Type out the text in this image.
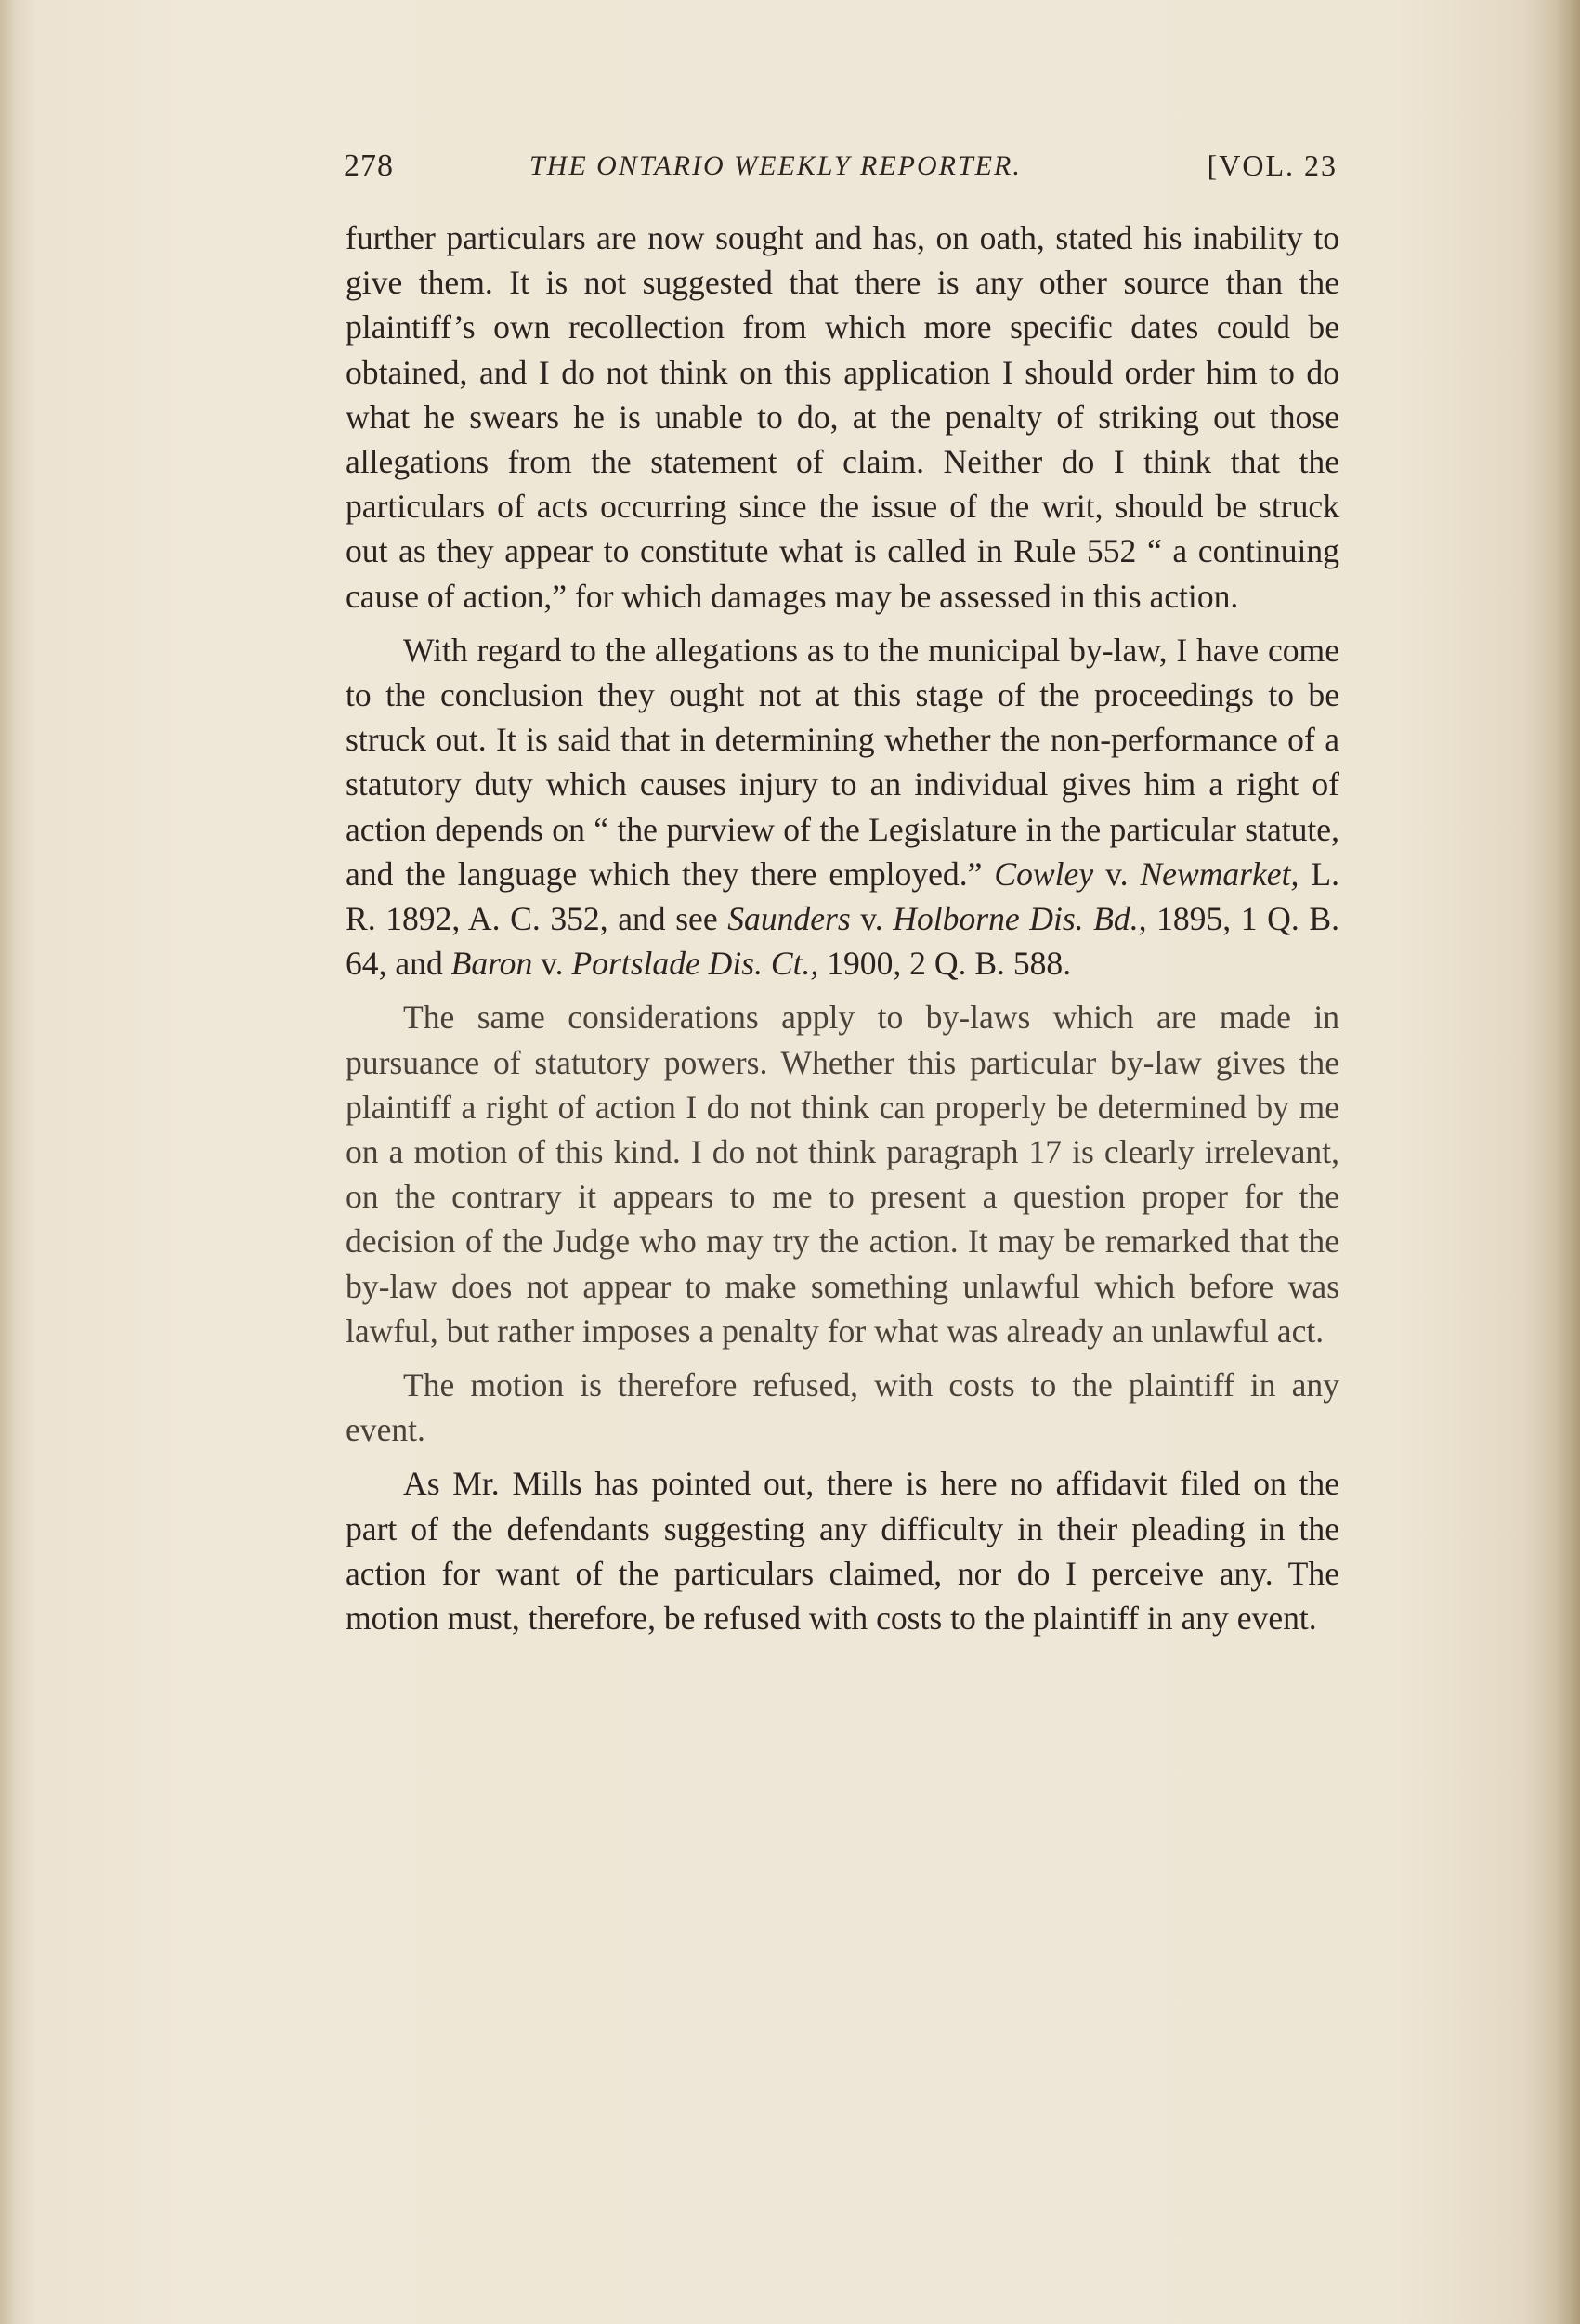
278	THE ONTARIO WEEKLY REPORTER.	[VOL. 23

further particulars are now sought and has, on oath, stated his inability to give them. It is not suggested that there is any other source than the plaintiff’s own recollection from which more specific dates could be obtained, and I do not think on this application I should order him to do what he swears he is unable to do, at the penalty of striking out those allegations from the statement of claim. Neither do I think that the particulars of acts occurring since the issue of the writ, should be struck out as they appear to constitute what is called in Rule 552 “ a continuing cause of action,” for which damages may be assessed in this action.

With regard to the allegations as to the municipal by-law, I have come to the conclusion they ought not at this stage of the proceedings to be struck out. It is said that in determining whether the non-performance of a statutory duty which causes injury to an individual gives him a right of action depends on “ the purview of the Legislature in the particular statute, and the language which they there employed.” Cowley v. Newmarket, L. R. 1892, A. C. 352, and see Saunders v. Holborne Dis. Bd., 1895, 1 Q. B. 64, and Baron v. Portslade Dis. Ct., 1900, 2 Q. B. 588.

The same considerations apply to by-laws which are made in pursuance of statutory powers. Whether this particular by-law gives the plaintiff a right of action I do not think can properly be determined by me on a motion of this kind. I do not think paragraph 17 is clearly irrelevant, on the contrary it appears to me to present a question proper for the decision of the Judge who may try the action. It may be remarked that the by-law does not appear to make something unlawful which before was lawful, but rather imposes a penalty for what was already an unlawful act.

The motion is therefore refused, with costs to the plaintiff in any event.

As Mr. Mills has pointed out, there is here no affidavit filed on the part of the defendants suggesting any difficulty in their pleading in the action for want of the particulars claimed, nor do I perceive any. The motion must, therefore, be refused with costs to the plaintiff in any event.
